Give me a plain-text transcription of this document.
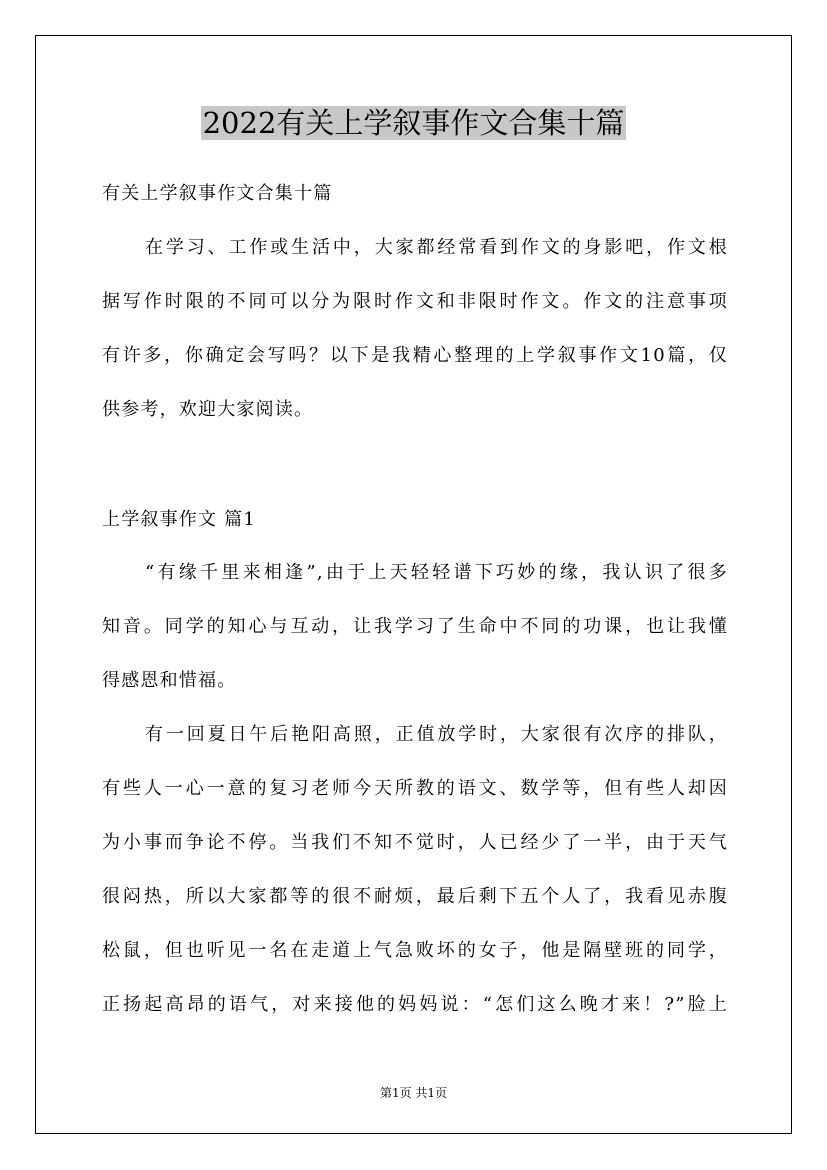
2022有关上学叙事作文合集十篇
有关上学叙事作文合集十篇
在学习、工作或生活中，大家都经常看到作文的身影吧，作文根
据写作时限的不同可以分为限时作文和非限时作文。作文的注意事项
有许多，你确定会写吗？以下是我精心整理的上学叙事作文10篇，仅
供参考，欢迎大家阅读。
上学叙事作文 篇1
“有缘千里来相逢”,由于上天轻轻谱下巧妙的缘，我认识了很多
知音。同学的知心与互动，让我学习了生命中不同的功课，也让我懂
得感恩和惜福。
有一回夏日午后艳阳高照，正值放学时，大家很有次序的排队，
有些人一心一意的复习老师今天所教的语文、数学等，但有些人却因
为小事而争论不停。当我们不知不觉时，人已经少了一半，由于天气
很闷热，所以大家都等的很不耐烦，最后剩下五个人了，我看见赤腹
松鼠，但也听见一名在走道上气急败坏的女子，他是隔壁班的同学，
正扬起高昂的语气，对来接他的妈妈说：“怎们这么晚才来！?”脸上
第1页 共1页
